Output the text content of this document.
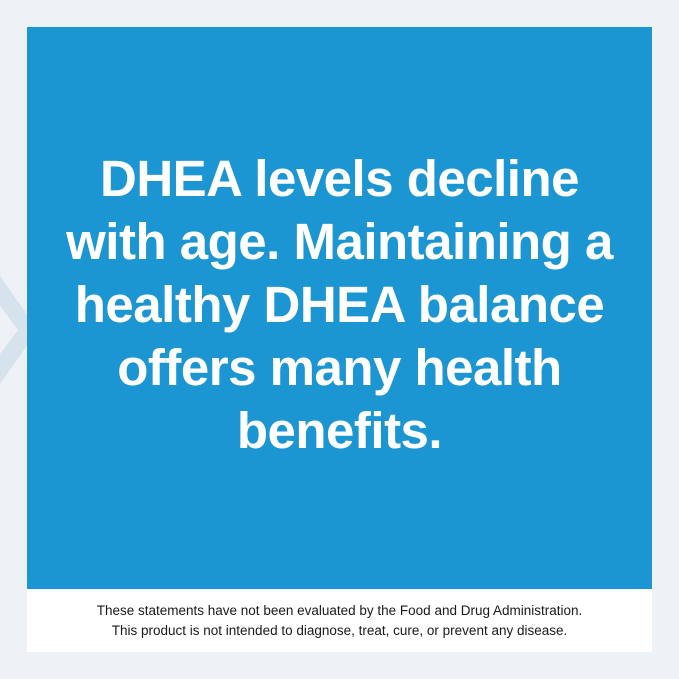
DHEA levels decline with age. Maintaining a healthy DHEA balance offers many health benefits.

These statements have not been evaluated by the Food and Drug Administration.
This product is not intended to diagnose, treat, cure, or prevent any disease.
